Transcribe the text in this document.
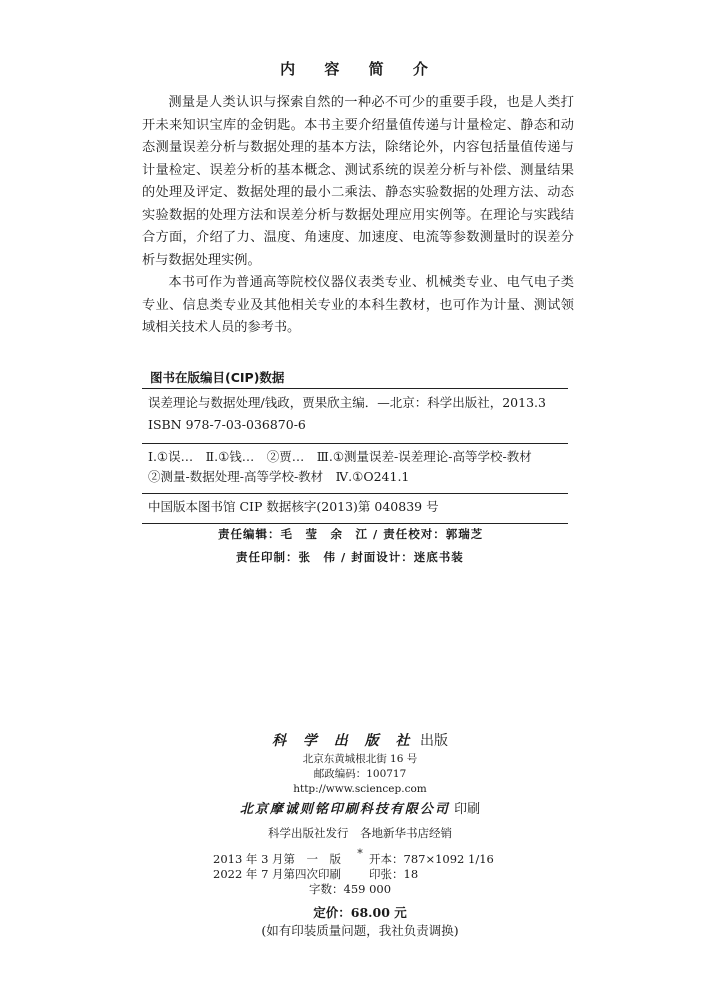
内 容 简 介

测量是人类认识与探索自然的一种必不可少的重要手段，也是人类打开未来知识宝库的金钥匙。本书主要介绍量值传递与计量检定、静态和动态测量误差分析与数据处理的基本方法，除绪论外，内容包括量值传递与计量检定、误差分析的基本概念、测试系统的误差分析与补偿、测量结果的处理及评定、数据处理的最小二乘法、静态实验数据的处理方法、动态实验数据的处理方法和误差分析与数据处理应用实例等。在理论与实践结合方面，介绍了力、温度、角速度、加速度、电流等参数测量时的误差分析与数据处理实例。

本书可作为普通高等院校仪器仪表类专业、机械类专业、电气电子类专业、信息类专业及其他相关专业的本科生教材，也可作为计量、测试领域相关技术人员的参考书。

图书在版编目(CIP)数据
误差理论与数据处理/钱政，贾果欣主编．—北京：科学出版社，2013.3
ISBN 978-7-03-036870-6
Ⅰ.①误…　Ⅱ.①钱…　②贾…　Ⅲ.①测量误差-误差理论-高等学校-教材
②测量-数据处理-高等学校-教材　Ⅳ.①O241.1
中国版本图书馆 CIP 数据核字(2013)第 040839 号
责任编辑：毛　莹　余　江 / 责任校对：郭瑞芝
责任印制：张　伟 / 封面设计：迷底书装
科 学 出 版 社 出版
北京东黄城根北街 16 号
邮政编码：100717
http://www.sciencep.com
北京摩诚则铭印刷科技有限公司 印刷
科学出版社发行　各地新华书店经销
*
2013 年 3 月第　一　版 开本：787×1092 1/16
2022 年 7 月第四次印刷 印张：18
字数：459 000
定价：68.00 元
(如有印装质量问题，我社负责调换)
